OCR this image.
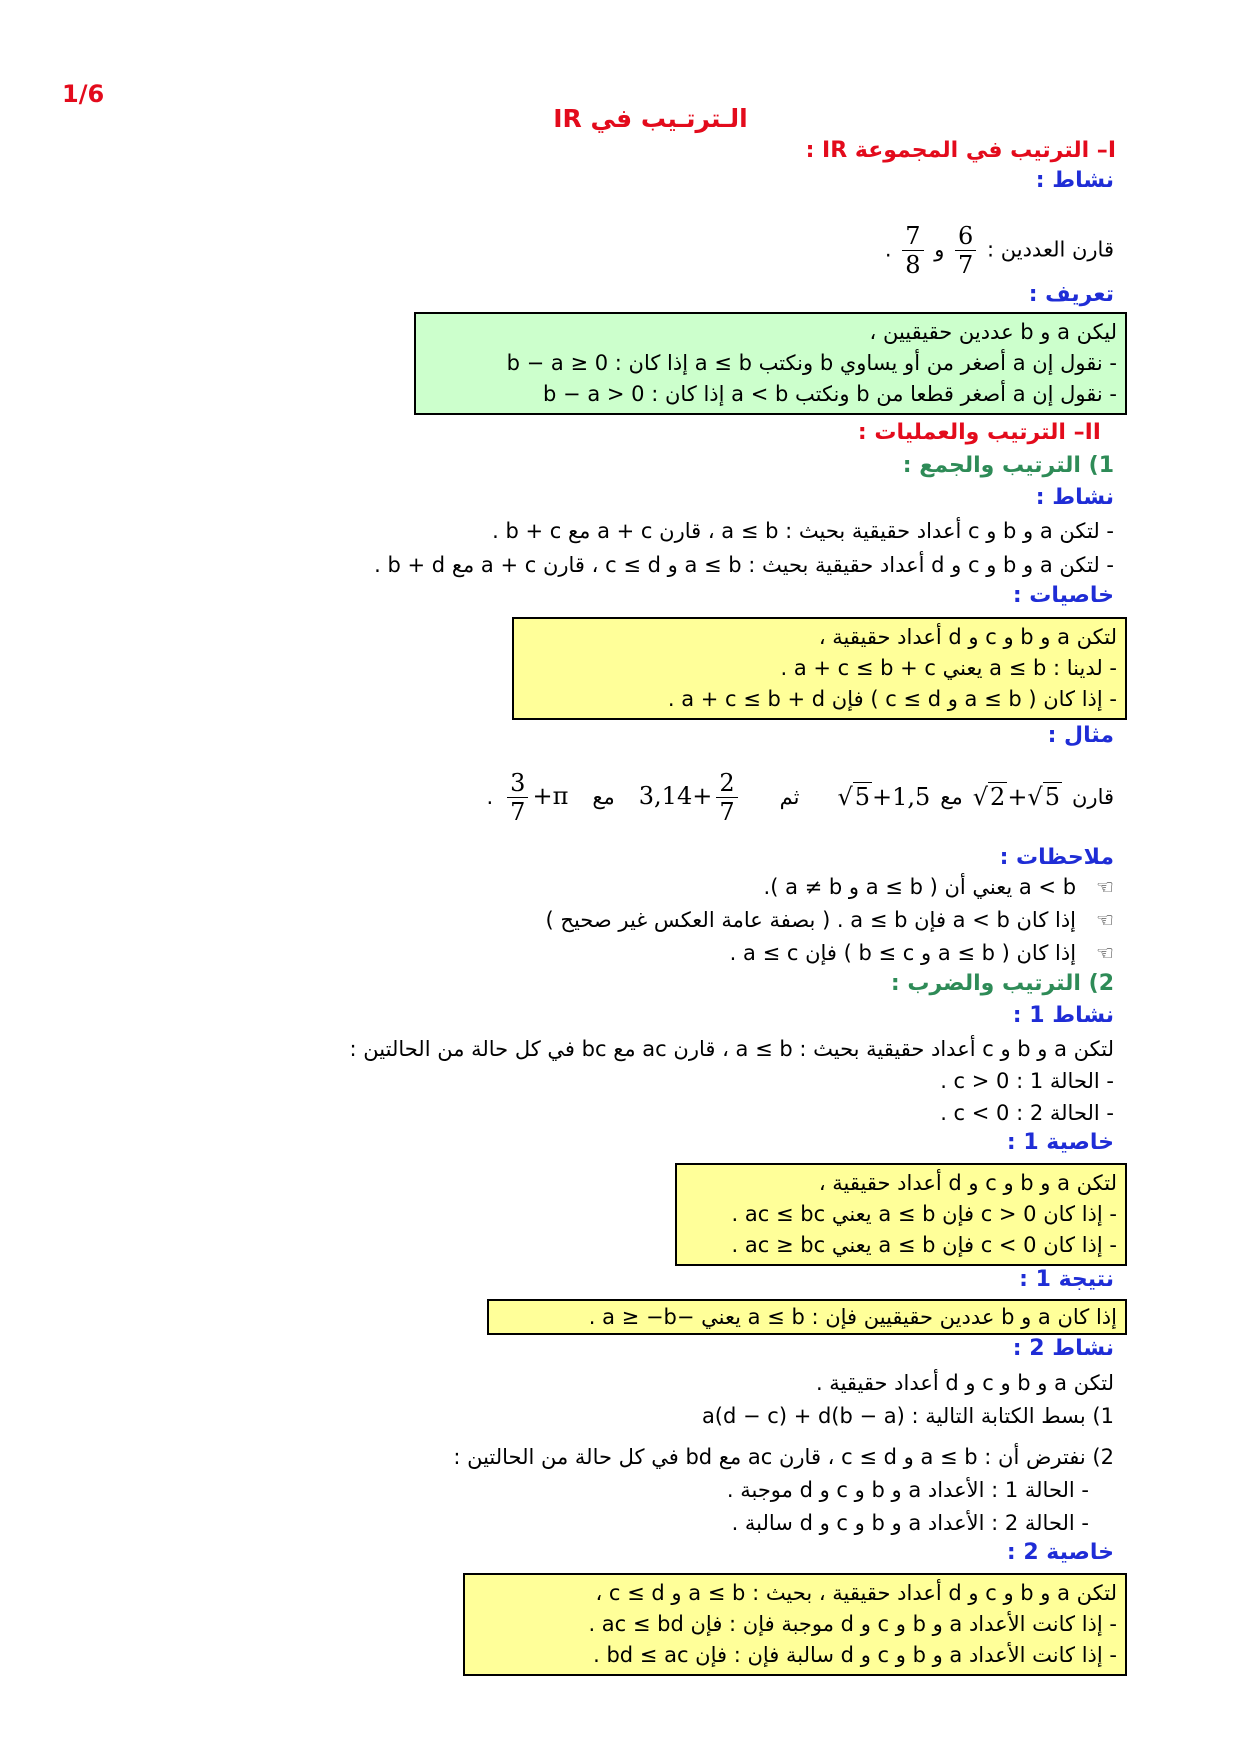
1/6
الـترتـيب في IR
I– الترتيب في المجموعة IR :
نشاط :
قارن العددين :
$\frac{6}{7}$
و
$\frac{7}{8}$
.
تعريف :
ليكن a و b عددين حقيقيين ،
- نقول إن a أصغر من أو يساوي b ونكتب a ≤ b إذا كان : 0 ≤ b − a
- نقول إن a أصغر قطعا من b ونكتب a < b إذا كان : 0 < b − a
II– الترتيب والعمليات :
1) الترتيب والجمع :
نشاط :
- لتكن a و b و c أعداد حقيقية بحيث : a ≤ b ، قارن a + c مع b + c .
- لتكن a و b و c و d أعداد حقيقية بحيث : a ≤ b و c ≤ d ، قارن a + c مع b + d .
خاصيات :
لتكن a و b و c و d أعداد حقيقية ،
- لدينا : a ≤ b يعني a + c ≤ b + c .
- إذا كان ( a ≤ b و c ≤ d ) فإن a + c ≤ b + d .
مثال :
قارن
√2+√5
مع
√5+1,5
ثم
$3,14+ \frac{2}{7}$
مع
$\frac{3}{7} +\pi$
.
ملاحظات :
☜   a < b يعني أن ( a ≤ b و a ≠ b ).
☜   إذا كان a < b فإن a ≤ b . ( بصفة عامة العكس غير صحيح )
☜   إذا كان ( a ≤ b و b ≤ c ) فإن a ≤ c .
2) الترتيب والضرب :
نشاط 1 :
لتكن a و b و c أعداد حقيقية بحيث : a ≤ b ، قارن ac مع bc في كل حالة من الحالتين :
- الحالة 1 : c > 0 .
- الحالة 2 : c < 0 .
خاصية 1 :
لتكن a و b و c و d أعداد حقيقية ،
- إذا كان c > 0 فإن a ≤ b يعني ac ≤ bc .
- إذا كان c < 0 فإن a ≤ b يعني ac ≥ bc .
نتيجة 1 :
إذا كان a و b عددين حقيقيين فإن : a ≤ b يعني −a ≥ −b .
نشاط 2 :
لتكن a و b و c و d أعداد حقيقية .
1) بسط الكتابة التالية : a(d − c) + d(b − a)
2) نفترض أن : a ≤ b و c ≤ d ، قارن ac مع bd في كل حالة من الحالتين :
- الحالة 1 : الأعداد a و b و c و d موجبة .
- الحالة 2 : الأعداد a و b و c و d سالبة .
خاصية 2 :
لتكن a و b و c و d أعداد حقيقية ، بحيث : a ≤ b و c ≤ d ،
- إذا كانت الأعداد a و b و c و d موجبة فإن : فإن ac ≤ bd .
- إذا كانت الأعداد a و b و c و d سالبة فإن : فإن bd ≤ ac .
